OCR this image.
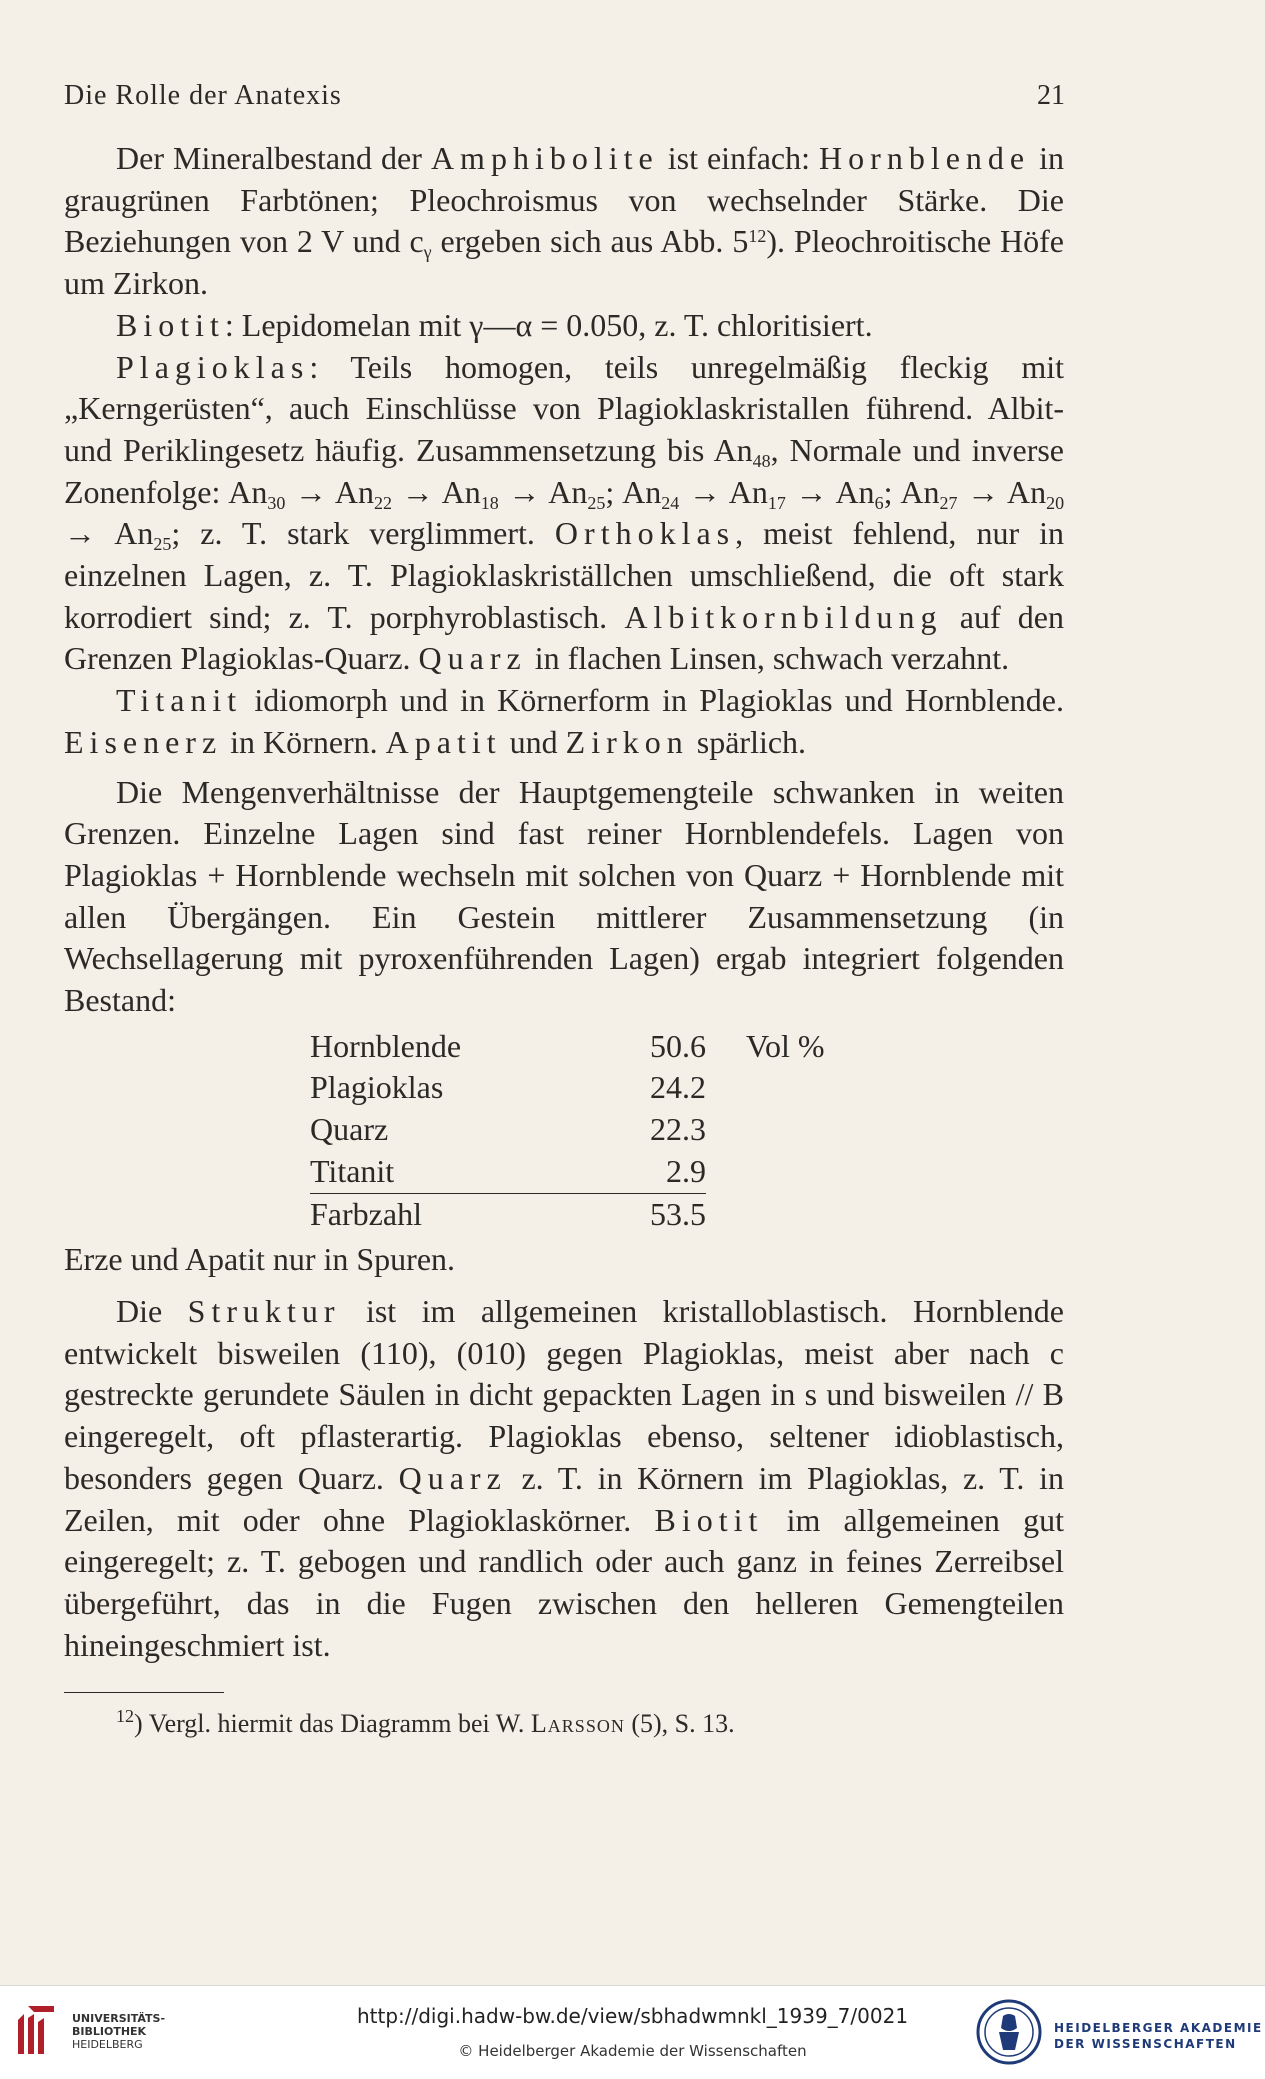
Die Rolle der Anatexis	21

Der Mineralbestand der Amphibolite ist einfach: Hornblende in graugrünen Farbtönen; Pleochroismus von wechselnder Stärke. Die Beziehungen von 2 V und $c_\gamma$ ergeben sich aus Abb. $5^{12}$). Pleochroitische Höfe um Zirkon.

Biotit: Lepidomelan mit γ—α = 0.050, z. T. chloritisiert.

Plagioklas: Teils homogen, teils unregelmäßig fleckig mit „Kerngerüsten“, auch Einschlüsse von Plagioklaskristallen führend. Albit- und Periklingesetz häufig. Zusammensetzung bis $An_{48}$, Normale und inverse Zonenfolge: $An_{30} \to An_{22} \to An_{18} \to An_{25}$; $An_{24} \to An_{17} \to An_6$; $An_{27} \to An_{20} \to An_{25}$; z. T. stark verglimmert. Orthoklas, meist fehlend, nur in einzelnen Lagen, z. T. Plagioklaskriställchen umschließend, die oft stark korrodiert sind; z. T. porphyroblastisch. Albitkornbildung auf den Grenzen Plagioklas-Quarz. Quarz in flachen Linsen, schwach verzahnt.

Titanit idiomorph und in Körnerform in Plagioklas und Hornblende. Eisenerz in Körnern. Apatit und Zirkon spärlich.

Die Mengenverhältnisse der Hauptgemengteile schwanken in weiten Grenzen. Einzelne Lagen sind fast reiner Hornblendefels. Lagen von Plagioklas + Hornblende wechseln mit solchen von Quarz + Hornblende mit allen Übergängen. Ein Gestein mittlerer Zusammensetzung (in Wechsellagerung mit pyroxenführenden Lagen) ergab integriert folgenden Bestand:

Hornblende	50.6	Vol %
Plagioklas	24.2	
Quarz	22.3	
Titanit	2.9	
Farbzahl	53.5	

Erze und Apatit nur in Spuren.

Die Struktur ist im allgemeinen kristalloblastisch. Hornblende entwickelt bisweilen (110), (010) gegen Plagioklas, meist aber nach c gestreckte gerundete Säulen in dicht gepackten Lagen in s und bisweilen // B eingeregelt, oft pflasterartig. Plagioklas ebenso, seltener idioblastisch, besonders gegen Quarz. Quarz z. T. in Körnern im Plagioklas, z. T. in Zeilen, mit oder ohne Plagioklaskörner. Biotit im allgemeinen gut eingeregelt; z. T. gebogen und randlich oder auch ganz in feines Zerreibsel übergeführt, das in die Fugen zwischen den helleren Gemengteilen hineingeschmiert ist.

$^{12}$) Vergl. hiermit das Diagramm bei W. Larsson (5), S. 13.
UNIVERSITÄTS-
BIBLIOTHEK
HEIDELBERG
http://digi.hadw-bw.de/view/sbhadwmnkl_1939_7/0021
© Heidelberger Akademie der Wissenschaften
HEIDELBERGER AKADEMIE
DER WISSENSCHAFTEN
